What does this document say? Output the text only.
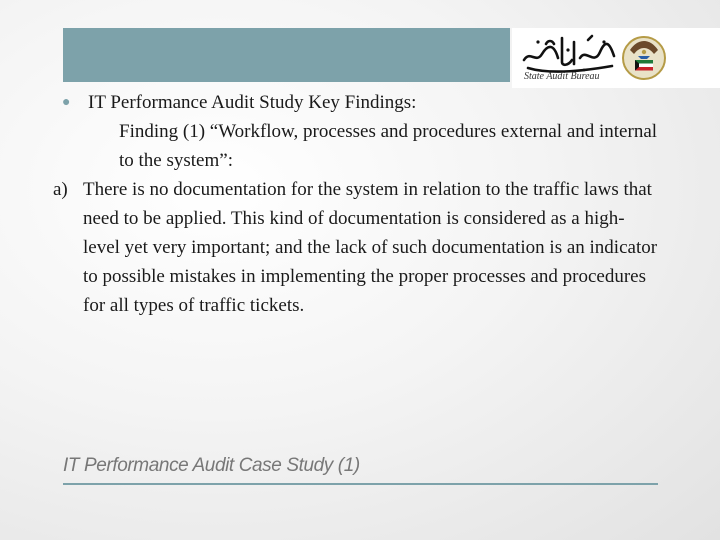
State Audit Bureau
● IT Performance Audit Study Key Findings:
Finding (1) “Workflow, processes and procedures external and internal to the system”:
a) There is no documentation for the system in relation to the traffic laws that need to be applied. This kind of documentation is considered as a high-level yet very important; and the lack of such documentation is an indicator to possible mistakes in implementing the proper processes and procedures for all types of traffic tickets.
IT Performance Audit Case Study (1)
